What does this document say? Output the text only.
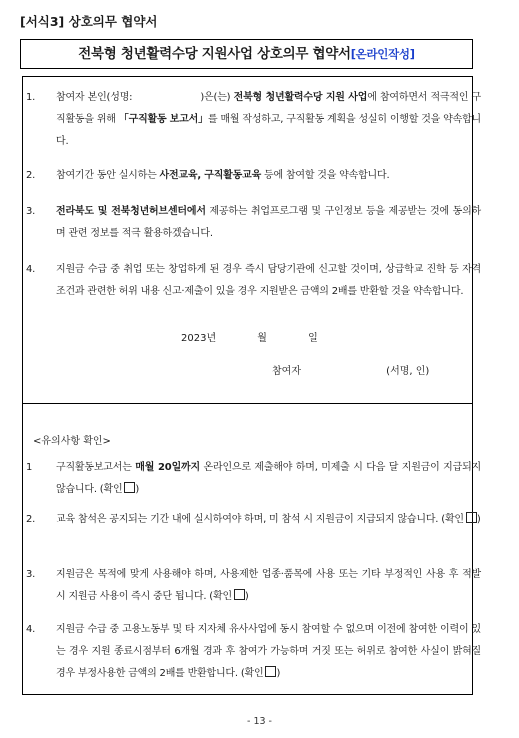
[서식3] 상호의무 협약서
전북형 청년활력수당 지원사업 상호의무 협약서[온라인작성]
1. 참여자 본인(성명:	)은(는) 전북형 청년활력수당 지원 사업에 참여하면서 적극적인 구직활동을 위해 「구직활동 보고서」를 매월 작성하고, 구직활동 계획을 성실히 이행할 것을 약속합니다.
2. 참여기간 동안 실시하는 사전교육, 구직활동교육 등에 참여할 것을 약속합니다.
3. 전라북도 및 전북청년허브센터에서 제공하는 취업프로그램 및 구인정보 등을 제공받는 것에 동의하며 관련 정보를 적극 활용하겠습니다.
4. 지원금 수급 중 취업 또는 창업하게 된 경우 즉시 담당기관에 신고할 것이며, 상급학교 진학 등 자격조건과 관련한 허위 내용 신고·제출이 있을 경우 지원받은 금액의 2배를 반환할 것을 약속합니다.
2023년	월	일
참여자	(서명, 인)
<유의사항 확인>
1 구직활동보고서는 매월 20일까지 온라인으로 제출해야 하며, 미제출 시 다음 달 지원금이 지급되지 않습니다. (확인 )
2. 교육 참석은 공지되는 기간 내에 실시하여야 하며, 미 참석 시 지원금이 지급되지 않습니다. (확인 )
3. 지원금은 목적에 맞게 사용해야 하며, 사용제한 업종·품목에 사용 또는 기타 부정적인 사용 후 적발 시 지원금 사용이 즉시 중단 됩니다. (확인 )
4. 지원금 수급 중 고용노동부 및 타 지자체 유사사업에 동시 참여할 수 없으며 이전에 참여한 이력이 있는 경우 지원 종료시점부터 6개월 경과 후 참여가 가능하며 거짓 또는 허위로 참여한 사실이 밝혀질 경우 부정사용한 금액의 2배를 반환합니다. (확인 )
- 13 -
